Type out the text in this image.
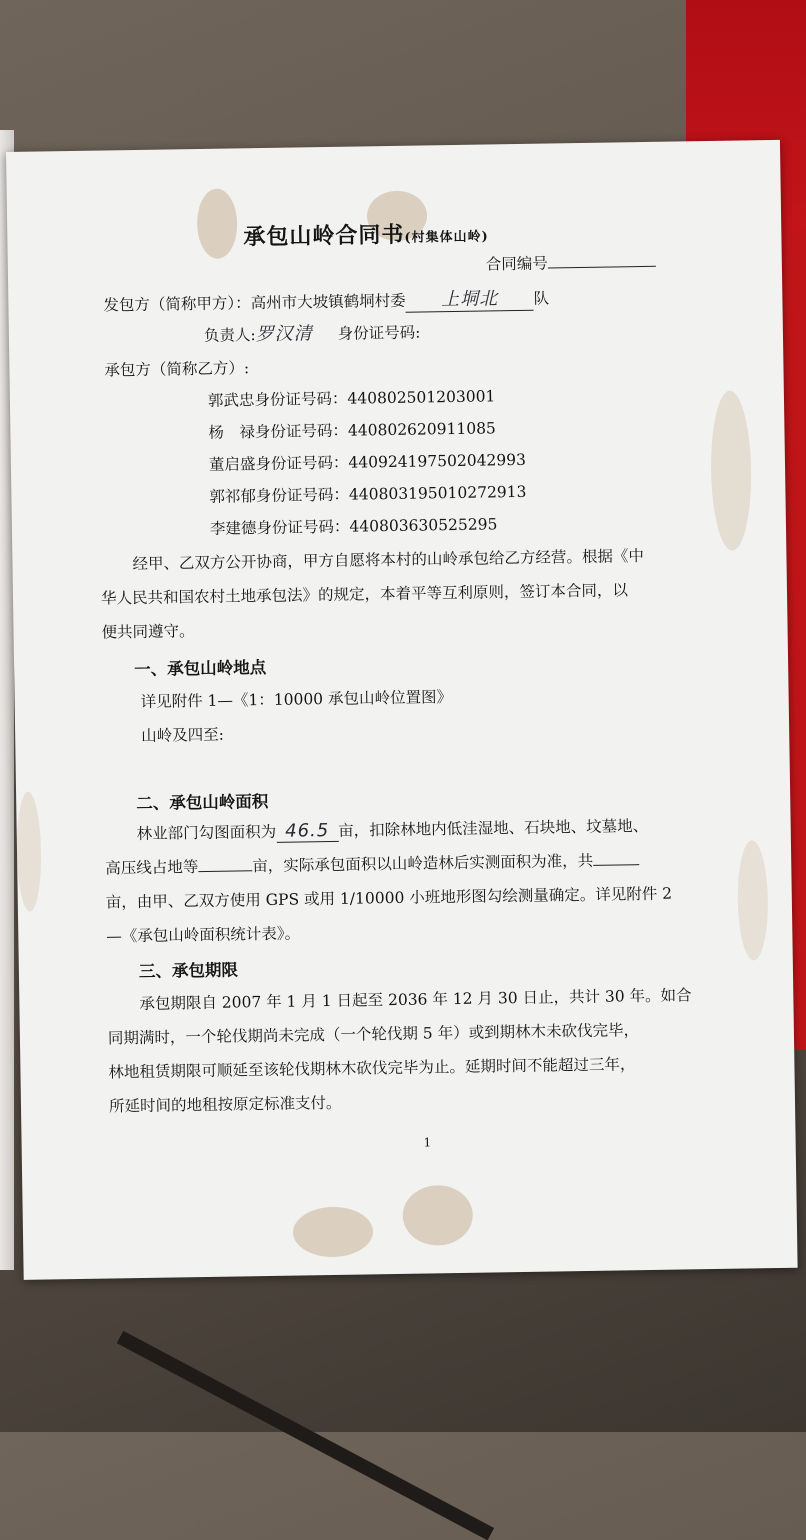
承包山岭合同书(村集体山岭)
合同编号
发包方（简称甲方）：高州市大坡镇鹤垌村委 上垌北 队
负责人:罗汉清 身份证号码:
承包方（简称乙方）:
郭武忠身份证号码：440802501203001
杨　禄身份证号码：440802620911085
董启盛身份证号码：440924197502042993
郭祁郁身份证号码：440803195010272913
李建德身份证号码：440803630525295
经甲、乙双方公开协商，甲方自愿将本村的山岭承包给乙方经营。根据《中
华人民共和国农村土地承包法》的规定，本着平等互利原则，签订本合同，以
便共同遵守。
一、承包山岭地点
详见附件 1—《1：10000 承包山岭位置图》
山岭及四至:
二、承包山岭面积
林业部门勾图面积为 46.5 亩，扣除林地内低洼湿地、石块地、坟墓地、
高压线占地等	亩，实际承包面积以山岭造林后实测面积为准，共
亩，由甲、乙双方使用 GPS 或用 1/10000 小班地形图勾绘测量确定。详见附件 2
—《承包山岭面积统计表》。
三、承包期限
承包期限自 2007 年 1 月 1 日起至 2036 年 12 月 30 日止，共计 30 年。如合
同期满时，一个轮伐期尚未完成（一个轮伐期 5 年）或到期林木未砍伐完毕，
林地租赁期限可顺延至该轮伐期林木砍伐完毕为止。延期时间不能超过三年，
所延时间的地租按原定标准支付。
1
